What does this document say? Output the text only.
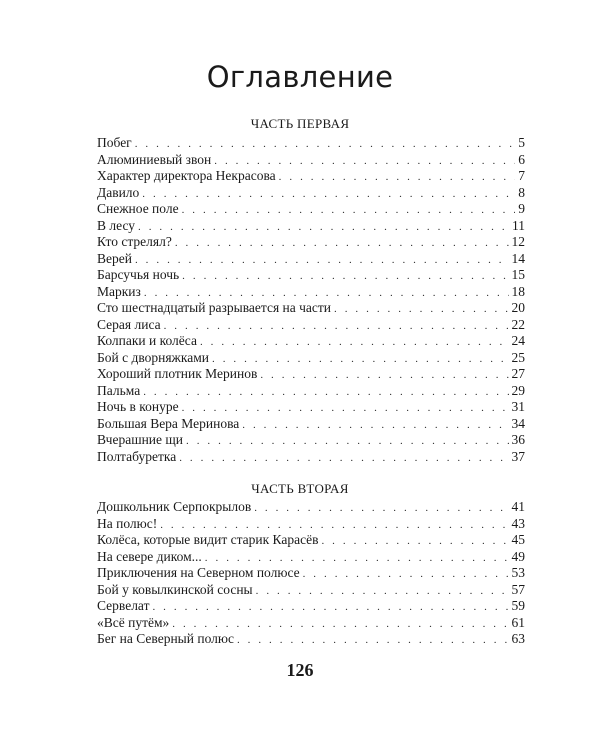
Оглавление
ЧАСТЬ ПЕРВАЯ
Побег . . .	5
Алюминиевый звон . . .	6
Характер директора Некрасова . . .	7
Давило . . .	8
Снежное поле . . .	9
В лесу . . .	11
Кто стрелял? . . .	12
Верей . . .	14
Барсучья ночь . . .	15
Маркиз . . .	18
Сто шестнадцатый разрывается на части . . .	20
Серая лиса . . .	22
Колпаки и колёса . . .	24
Бой с дворняжками . . .	25
Хороший плотник Меринов . . .	27
Пальма . . .	29
Ночь в конуре . . .	31
Большая Вера Меринова . . .	34
Вчерашние щи . . .	36
Полтабуретка . . .	37
ЧАСТЬ ВТОРАЯ
Дошкольник Серпокрылов . . .	41
На полюс! . . .	43
Колёса, которые видит старик Карасёв . . .	45
На севере диком... . . .	49
Приключения на Северном полюсе . . .	53
Бой у ковылкинской сосны . . .	57
Сервелат . . .	59
«Всё путём» . . .	61
Бег на Северный полюс . . .	63
126
